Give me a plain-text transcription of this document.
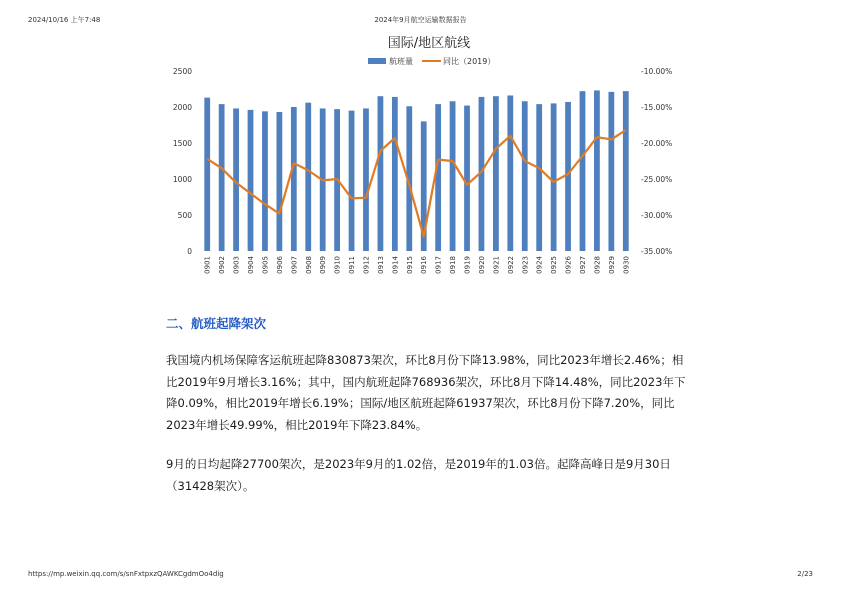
2024/10/16 上午7:48	2024年9月航空运输数据报告
国际/地区航线
航班量	同比（2019）
0
500
1000
1500
2000
2500
-35.00%
-30.00%
-25.00%
-20.00%
-15.00%
-10.00%
0901 0902 0903 0904 0905 0906 0907 0908 0909 0910 0911 0912 0913 0914 0915 0916 0917 0918 0919 0920 0921 0922 0923 0924 0925 0926 0927 0928 0929 0930
二、航班起降架次

我国境内机场保障客运航班起降830873架次，环比8月份下降13.98%，同比2023年增长2.46%；相比2019年9月增长3.16%；其中，国内航班起降768936架次，环比8月下降14.48%，同比2023年下降0.09%，相比2019年增长6.19%；国际/地区航班起降61937架次，环比8月份下降7.20%，同比2023年增长49.99%，相比2019年下降23.84%。

9月的日均起降27700架次，是2023年9月的1.02倍，是2019年的1.03倍。起降高峰日是9月30日（31428架次）。

https://mp.weixin.qq.com/s/snFxtpxzQAWKCgdmOo4dig	2/23
